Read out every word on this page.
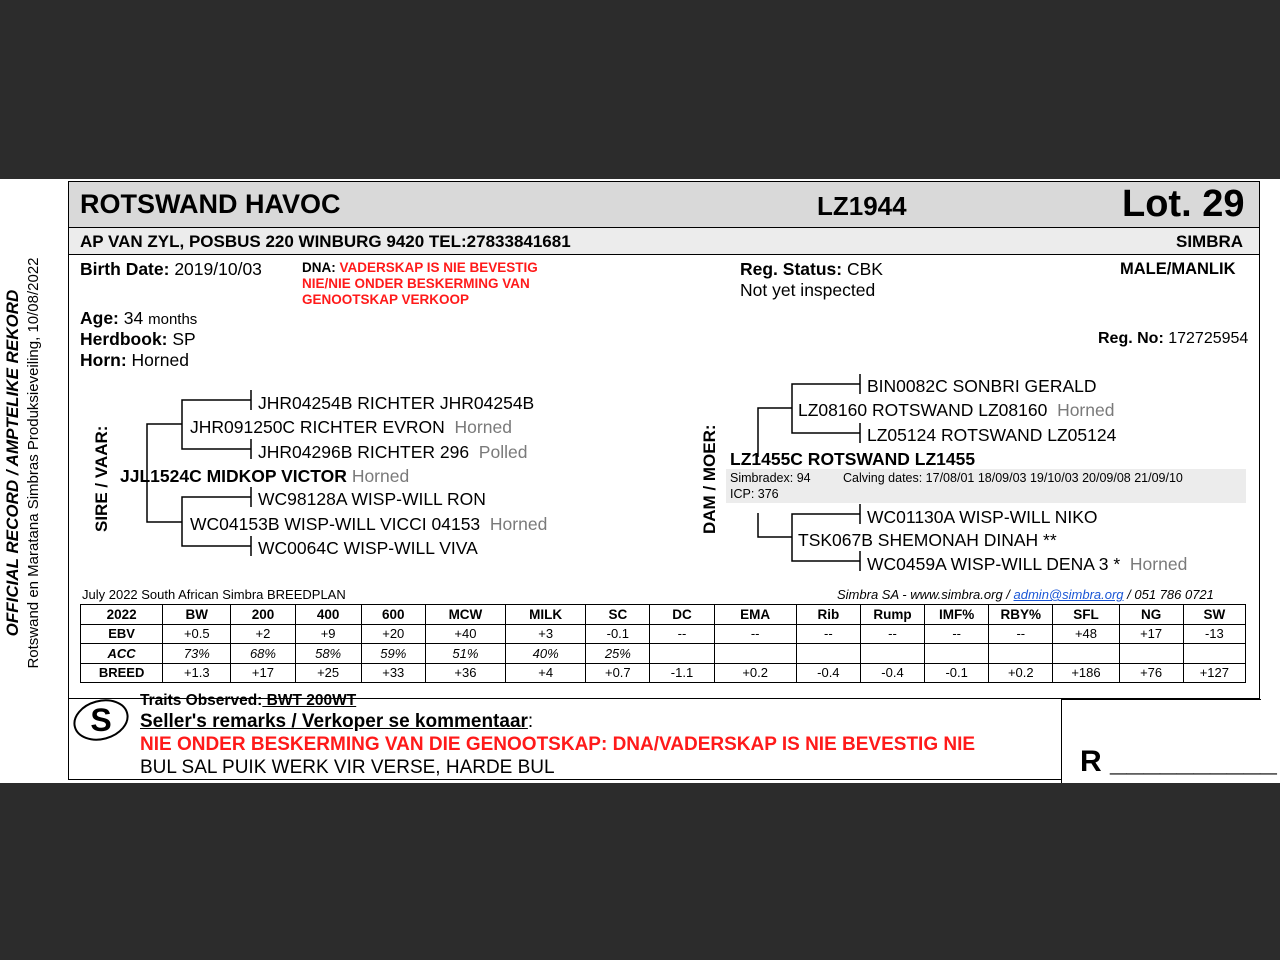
OFFICIAL RECORD / AMPTELIKE REKORD Rotswand en Maratana Simbras Produksieveiling, 10/08/2022
ROTSWAND HAVOC	LZ1944	Lot. 29
AP VAN ZYL, POSBUS 220 WINBURG 9420 TEL:27833841681	SIMBRA
Birth Date: 2019/10/03	DNA: VADERSKAP IS NIE BEVESTIG
NIE/NIE ONDER BESKERMING VAN
GENOOTSKAP VERKOOP
Reg. Status: CBK
Not yet inspected
MALE/MANLIK
Age: 34 months
Herdbook: SP
Horn: Horned
Reg. No: 172725954
SIRE / VAAR:
JHR04254B RICHTER JHR04254B
JHR091250C RICHTER EVRON Horned
JHR04296B RICHTER 296 Polled
JJL1524C MIDKOP VICTOR Horned
WC98128A WISP-WILL RON
WC04153B WISP-WILL VICCI 04153 Horned
WC0064C WISP-WILL VIVA
DAM / MOER:
BIN0082C SONBRI GERALD
LZ08160 ROTSWAND LZ08160 Horned
LZ05124 ROTSWAND LZ05124
LZ1455C ROTSWAND LZ1455
Simbradex: 94	Calving dates: 17/08/01 18/09/03 19/10/03 20/09/08 21/09/10
ICP: 376
WC01130A WISP-WILL NIKO
TSK067B SHEMONAH DINAH **
WC0459A WISP-WILL DENA 3 * Horned
July 2022 South African Simbra BREEDPLAN	Simbra SA - www.simbra.org / admin@simbra.org / 051 786 0721
2022	BW	200	400	600	MCW	MILK	SC	DC	EMA	Rib	Rump	IMF%	RBY%	SFL	NG	SW
EBV	+0.5	+2	+9	+20	+40	+3	-0.1	--	--	--	--	--	--	+48	+17	-13
ACC	73%	68%	58%	59%	51%	40%	25%									
BREED	+1.3	+17	+25	+33	+36	+4	+0.7	-1.1	+0.2	-0.4	-0.4	-0.1	+0.2	+186	+76	+127
S
Traits Observed: BWT 200WT
Seller's remarks / Verkoper se kommentaar:
NIE ONDER BESKERMING VAN DIE GENOOTSKAP: DNA/VADERSKAP IS NIE BEVESTIG NIE
BUL SAL PUIK WERK VIR VERSE, HARDE BUL	R __________
